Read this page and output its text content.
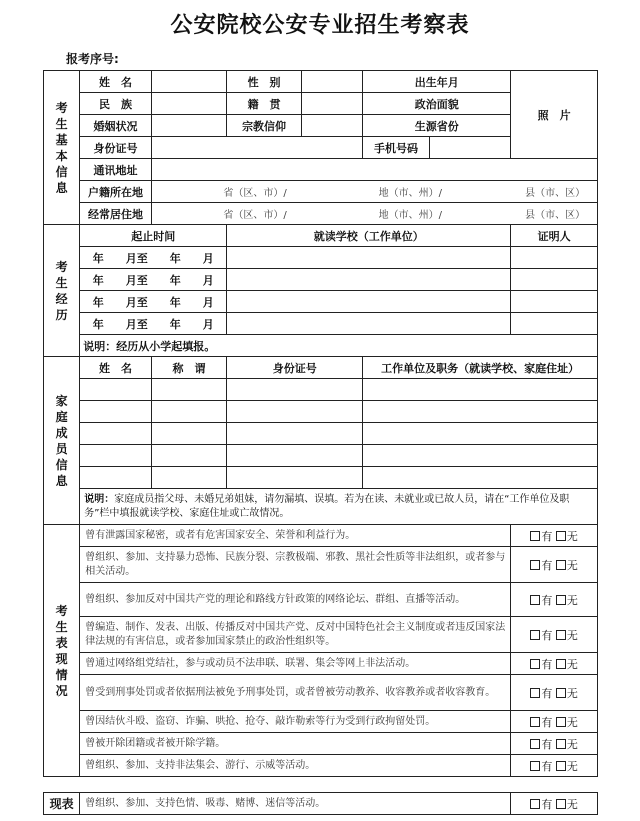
公安院校公安专业招生考察表
报考序号:
考生基本信息	姓　名		性　别		出生年月		照　片
	民　族		籍　贯		政治面貌		
	婚姻状况		宗教信仰		生源省份		
	身份证号				手机号码		
	通讯地址						
	户籍所在地	省（区、市）/ 地（市、州）/ 县（市、区）					
	经常居住地	省（区、市）/ 地（市、州）/ 县（市、区）					

考生经历	起止时间		就读学校（工作单位）				证明人
	年　　月至　　年　　月						
	年　　月至　　年　　月						
	年　　月至　　年　　月						
	年　　月至　　年　　月						
	说明：经历从小学起填报。						

家庭成员信息	姓　名	称　谓	身份证号		工作单位及职务（就读学校、家庭住址）		

	说明：家庭成员指父母、未婚兄弟姐妹，请勿漏填、误填。若为在读、未就业或已故人员，请在“工作单位及职务”栏中填报就读学校、家庭住址或亡故情况。						

考生表现情况	曾有泄露国家秘密，或者有危害国家安全、荣誉和利益行为。						有 无
	曾组织、参加、支持暴力恐怖、民族分裂、宗教极端、邪教、黑社会性质等非法组织，或者参与相关活动。						有 无
	曾组织、参加反对中国共产党的理论和路线方针政策的网络论坛、群组、直播等活动。						有 无
	曾编造、制作、发表、出版、传播反对中国共产党、反对中国特色社会主义制度或者违反国家法律法规的有害信息，或者参加国家禁止的政治性组织等。						有 无
	曾通过网络组党结社，参与或动员不法串联、联署、集会等网上非法活动。						有 无
	曾受到刑事处罚或者依据刑法被免予刑事处罚，或者曾被劳动教养、收容教养或者收容教育。						有 无
	曾因结伙斗殴、盗窃、诈骗、哄抢、抢夺、敲诈勒索等行为受到行政拘留处罚。						有 无
	曾被开除团籍或者被开除学籍。						有 无
	曾组织、参加、支持非法集会、游行、示威等活动。						有 无
现表	曾组织、参加、支持色情、吸毒、赌博、迷信等活动。	有 无
